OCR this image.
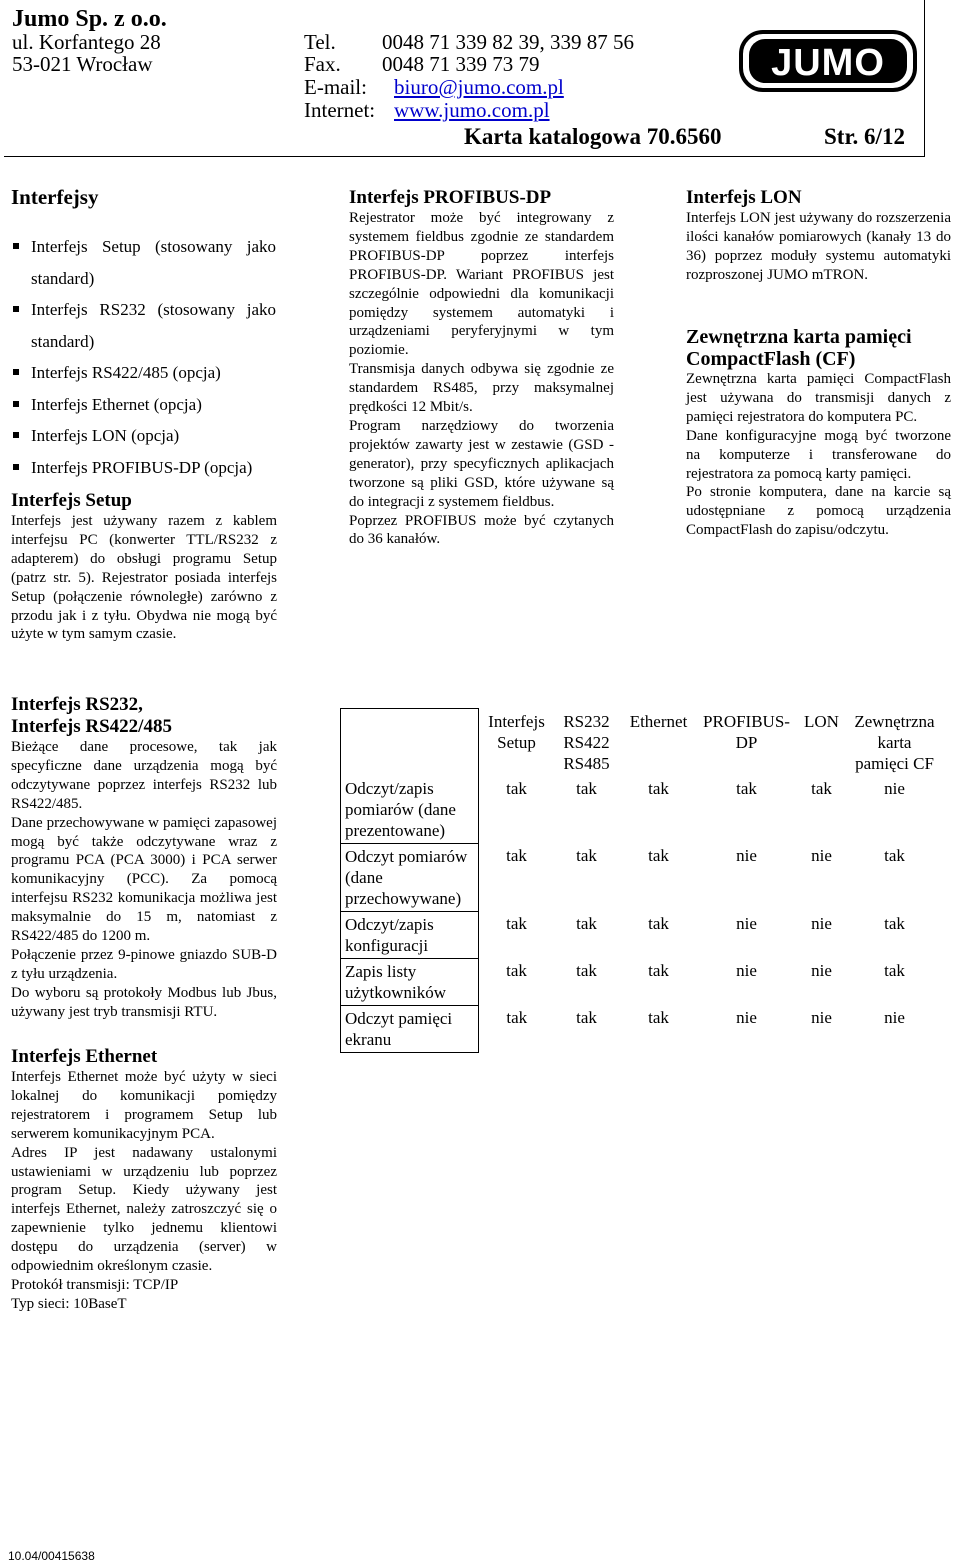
Jumo Sp. z o.o.
ul. Korfantego 28
53-021 Wrocław
Tel. 0048 71 339 82 39, 339 87 56
Fax. 0048 71 339 73 79
E-mail: biuro@jumo.com.pl
Internet: www.jumo.com.pl
Karta katalogowa 70.6560	Str. 6/12
JUMO
Interfejsy
Interfejs Setup (stosowany jako standard)
Interfejs RS232 (stosowany jako standard)
Interfejs RS422/485 (opcja)
Interfejs Ethernet (opcja)
Interfejs LON (opcja)
Interfejs PROFIBUS-DP (opcja)
Interfejs Setup

Interfejs jest używany razem z kablem interfejsu PC (konwerter TTL/RS232 z adapterem) do obsługi programu Setup (patrz str. 5). Rejestrator posiada interfejs Setup (połączenie równoległe) zarówno z przodu jak i z tyłu. Obydwa nie mogą być użyte w tym samym czasie.

Interfejs RS232,
Interfejs RS422/485

Bieżące dane procesowe, tak jak specyficzne dane urządzenia mogą być odczytywane poprzez interfejs RS232 lub RS422/485.

Dane przechowywane w pamięci zapasowej mogą być także odczytywane wraz z programu PCA (PCA 3000) i PCA serwer komunikacyjny (PCC). Za pomocą interfejsu RS232 komunikacja możliwa jest maksymalnie do 15 m, natomiast z RS422/485 do 1200 m.

Połączenie przez 9-pinowe gniazdo SUB-D z tyłu urządzenia.

Do wyboru są protokoły Modbus lub Jbus, używany jest tryb transmisji RTU.

Interfejs Ethernet

Interfejs Ethernet może być użyty w sieci lokalnej do komunikacji pomiędzy rejestratorem i programem Setup lub serwerem komunikacyjnym PCA.

Adres IP jest nadawany ustalonymi ustawieniami w urządzeniu lub poprzez program Setup. Kiedy używany jest interfejs Ethernet, należy zatroszczyć się o zapewnienie tylko jednemu klientowi dostępu do urządzenia (server) w odpowiednim określonym czasie.

Protokół transmisji: TCP/IP

Typ sieci: 10BaseT

Interfejs PROFIBUS-DP

Rejestrator może być integrowany z systemem fieldbus zgodnie ze standardem PROFIBUS-DP poprzez interfejs PROFIBUS-DP. Wariant PROFIBUS jest szczególnie odpowiedni dla komunikacji pomiędzy systemem automatyki i urządzeniami peryferyjnymi w tym poziomie.

Transmisja danych odbywa się zgodnie ze standardem RS485, przy maksymalnej prędkości 12 Mbit/s.

Program narzędziowy do tworzenia projektów zawarty jest w zestawie (GSD - generator), przy specyficznych aplikacjach tworzone są pliki GSD, które używane są do integracji z systemem fieldbus.

Poprzez PROFIBUS może być czytanych do 36 kanałów.

Interfejs LON

Interfejs LON jest używany do rozszerzenia ilości kanałów pomiarowych (kanały 13 do 36) poprzez moduły systemu automatyki rozproszonej JUMO mTRON.

Zewnętrzna karta pamięci
CompactFlash (CF)

Zewnętrzna karta pamięci CompactFlash jest używana do transmisji danych z pamięci rejestratora do komputera PC.

Dane konfiguracyjne mogą być tworzone na komputerze i transferowane do rejestratora za pomocą karty pamięci.

Po stronie komputera, dane na karcie są udostępniane z pomocą urządzenia CompactFlash do zapisu/odczytu.

	Interfejs Setup	RS232 RS422 RS485	Ethernet	PROFIBUS-DP	LON	Zewnętrzna karta pamięci CF
Odczyt/zapis pomiarów (dane prezentowane)	tak	tak	tak	tak	tak	nie
Odczyt pomiarów (dane przechowywane)	tak	tak	tak	nie	nie	tak
Odczyt/zapis konfiguracji	tak	tak	tak	nie	nie	tak
Zapis listy użytkowników	tak	tak	tak	nie	nie	tak
Odczyt pamięci ekranu	tak	tak	tak	nie	nie	nie
10.04/00415638
